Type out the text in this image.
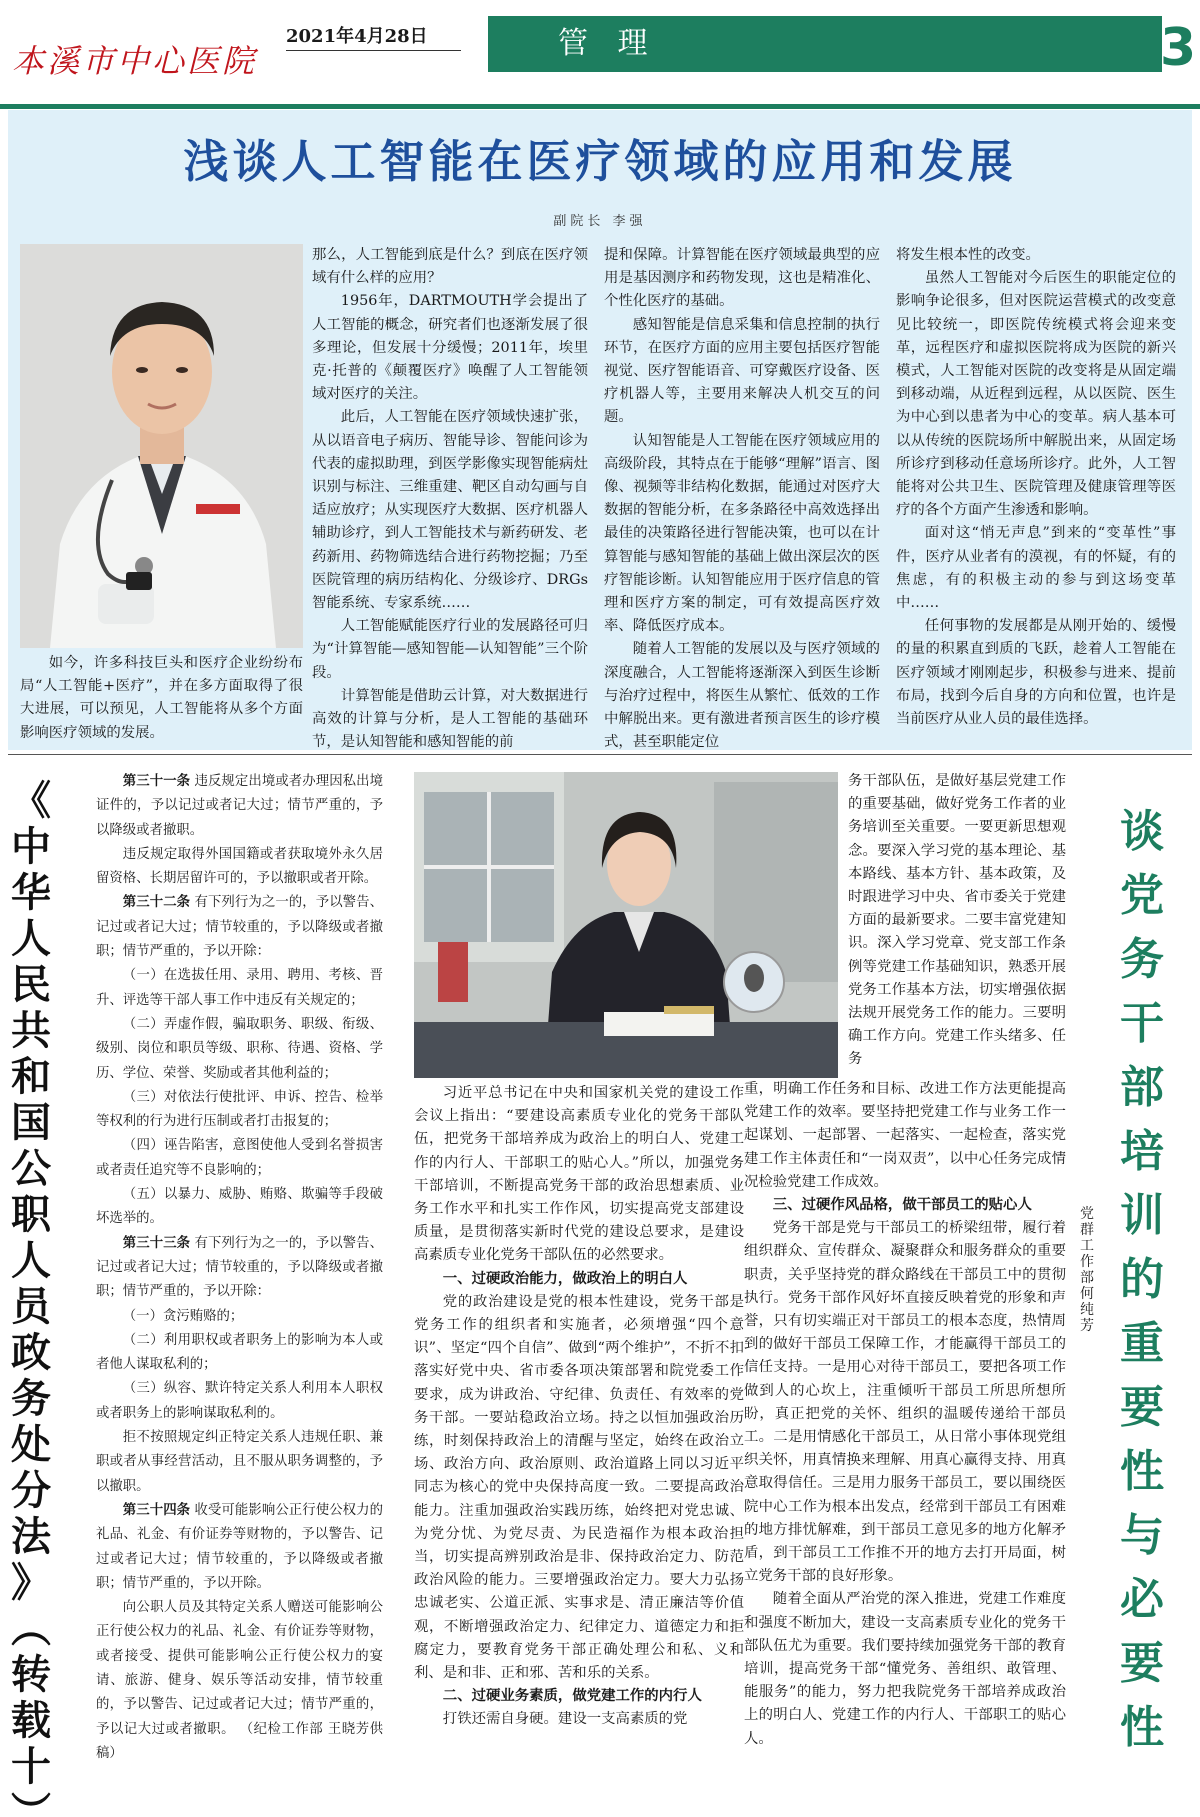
本溪市中心医院
2021年4月28日	管 理	3
浅谈人工智能在医疗领域的应用和发展
副院长 李强

如今，许多科技巨头和医疗企业纷纷布局“人工智能+医疗”，并在多方面取得了很大进展，可以预见，人工智能将从多个方面影响医疗领域的发展。

那么，人工智能到底是什么？到底在医疗领域有什么样的应用？

1956年，DARTMOUTH学会提出了人工智能的概念，研究者们也逐渐发展了很多理论，但发展十分缓慢；2011年，埃里克·托普的《颠覆医疗》唤醒了人工智能领域对医疗的关注。

此后，人工智能在医疗领域快速扩张，从以语音电子病历、智能导诊、智能问诊为代表的虚拟助理，到医学影像实现智能病灶识别与标注、三维重建、靶区自动勾画与自适应放疗；从实现医疗大数据、医疗机器人辅助诊疗，到人工智能技术与新药研发、老药新用、药物筛选结合进行药物挖掘；乃至医院管理的病历结构化、分级诊疗、DRGs智能系统、专家系统……

人工智能赋能医疗行业的发展路径可归为“计算智能—感知智能—认知智能”三个阶段。

计算智能是借助云计算，对大数据进行高效的计算与分析，是人工智能的基础环节，是认知智能和感知智能的前

提和保障。计算智能在医疗领域最典型的应用是基因测序和药物发现，这也是精准化、个性化医疗的基础。

感知智能是信息采集和信息控制的执行环节，在医疗方面的应用主要包括医疗智能视觉、医疗智能语音、可穿戴医疗设备、医疗机器人等，主要用来解决人机交互的问题。

认知智能是人工智能在医疗领域应用的高级阶段，其特点在于能够“理解”语言、图像、视频等非结构化数据，能通过对医疗大数据的智能分析，在多条路径中高效选择出最佳的决策路径进行智能决策，也可以在计算智能与感知智能的基础上做出深层次的医疗智能诊断。认知智能应用于医疗信息的管理和医疗方案的制定，可有效提高医疗效率、降低医疗成本。

随着人工智能的发展以及与医疗领域的深度融合，人工智能将逐渐深入到医生诊断与治疗过程中，将医生从繁忙、低效的工作中解脱出来。更有激进者预言医生的诊疗模式，甚至职能定位

将发生根本性的改变。

虽然人工智能对今后医生的职能定位的影响争论很多，但对医院运营模式的改变意见比较统一，即医院传统模式将会迎来变革，远程医疗和虚拟医院将成为医院的新兴模式，人工智能对医院的改变将是从固定端到移动端，从近程到远程，从以医院、医生为中心到以患者为中心的变革。病人基本可以从传统的医院场所中解脱出来，从固定场所诊疗到移动任意场所诊疗。此外，人工智能将对公共卫生、医院管理及健康管理等医疗的各个方面产生渗透和影响。

面对这“悄无声息”到来的“变革性”事件，医疗从业者有的漠视，有的怀疑，有的焦虑，有的积极主动的参与到这场变革中……

任何事物的发展都是从刚开始的、缓慢的量的积累直到质的飞跃，趁着人工智能在医疗领域才刚刚起步，积极参与进来、提前布局，找到今后自身的方向和位置，也许是当前医疗从业人员的最佳选择。

《
中
华
人
民
共
和
国
公
职
人
员
政
务
处
分
法
》
︵
转
载
十
︶

第三十一条 违反规定出境或者办理因私出境证件的，予以记过或者记大过；情节严重的，予以降级或者撤职。

违反规定取得外国国籍或者获取境外永久居留资格、长期居留许可的，予以撤职或者开除。

第三十二条 有下列行为之一的，予以警告、记过或者记大过；情节较重的，予以降级或者撤职；情节严重的，予以开除：

（一）在选拔任用、录用、聘用、考核、晋升、评选等干部人事工作中违反有关规定的；

（二）弄虚作假，骗取职务、职级、衔级、级别、岗位和职员等级、职称、待遇、资格、学历、学位、荣誉、奖励或者其他利益的；

（三）对依法行使批评、申诉、控告、检举等权利的行为进行压制或者打击报复的；

（四）诬告陷害，意图使他人受到名誉损害或者责任追究等不良影响的；

（五）以暴力、威胁、贿赂、欺骗等手段破坏选举的。

第三十三条 有下列行为之一的，予以警告、记过或者记大过；情节较重的，予以降级或者撤职；情节严重的，予以开除：

（一）贪污贿赂的；

（二）利用职权或者职务上的影响为本人或者他人谋取私利的；

（三）纵容、默许特定关系人利用本人职权或者职务上的影响谋取私利的。

拒不按照规定纠正特定关系人违规任职、兼职或者从事经营活动，且不服从职务调整的，予以撤职。

第三十四条 收受可能影响公正行使公权力的礼品、礼金、有价证券等财物的，予以警告、记过或者记大过；情节较重的，予以降级或者撤职；情节严重的，予以开除。

向公职人员及其特定关系人赠送可能影响公正行使公权力的礼品、礼金、有价证券等财物，或者接受、提供可能影响公正行使公权力的宴请、旅游、健身、娱乐等活动安排，情节较重的，予以警告、记过或者记大过；情节严重的，予以记大过或者撤职。 （纪检工作部 王晓芳供稿）

务干部队伍，是做好基层党建工作的重要基础，做好党务工作者的业务培训至关重要。一要更新思想观念。要深入学习党的基本理论、基本路线、基本方针、基本政策，及时跟进学习中央、省市委关于党建方面的最新要求。二要丰富党建知识。深入学习党章、党支部工作条例等党建工作基础知识，熟悉开展党务工作基本方法，切实增强依据法规开展党务工作的能力。三要明确工作方向。党建工作头绪多、任务

习近平总书记在中央和国家机关党的建设工作会议上指出：“要建设高素质专业化的党务干部队伍，把党务干部培养成为政治上的明白人、党建工作的内行人、干部职工的贴心人。”所以，加强党务干部培训，不断提高党务干部的政治思想素质、业务工作水平和扎实工作作风，切实提高党支部建设质量，是贯彻落实新时代党的建设总要求，是建设高素质专业化党务干部队伍的必然要求。

一、过硬政治能力，做政治上的明白人

党的政治建设是党的根本性建设，党务干部是党务工作的组织者和实施者，必须增强“四个意识”、坚定“四个自信”、做到“两个维护”，不折不扣落实好党中央、省市委各项决策部署和院党委工作要求，成为讲政治、守纪律、负责任、有效率的党务干部。一要站稳政治立场。持之以恒加强政治历练，时刻保持政治上的清醒与坚定，始终在政治立场、政治方向、政治原则、政治道路上同以习近平同志为核心的党中央保持高度一致。二要提高政治能力。注重加强政治实践历练，始终把对党忠诚、为党分忧、为党尽责、为民造福作为根本政治担当，切实提高辨别政治是非、保持政治定力、防范政治风险的能力。三要增强政治定力。要大力弘扬忠诚老实、公道正派、实事求是、清正廉洁等价值观，不断增强政治定力、纪律定力、道德定力和拒腐定力，要教育党务干部正确处理公和私、义和利、是和非、正和邪、苦和乐的关系。

二、过硬业务素质，做党建工作的内行人

打铁还需自身硬。建设一支高素质的党

重，明确工作任务和目标、改进工作方法更能提高党建工作的效率。要坚持把党建工作与业务工作一起谋划、一起部署、一起落实、一起检查，落实党建工作主体责任和“一岗双责”，以中心任务完成情况检验党建工作成效。

三、过硬作风品格，做干部员工的贴心人

党务干部是党与干部员工的桥梁纽带，履行着组织群众、宣传群众、凝聚群众和服务群众的重要职责，关乎坚持党的群众路线在干部员工中的贯彻执行。党务干部作风好坏直接反映着党的形象和声誉，只有切实端正对干部员工的根本态度，热情周到的做好干部员工保障工作，才能赢得干部员工的信任支持。一是用心对待干部员工，要把各项工作做到人的心坎上，注重倾听干部员工所思所想所盼，真正把党的关怀、组织的温暖传递给干部员工。二是用情感化干部员工，从日常小事体现党组织关怀，用真情换来理解、用真心赢得支持、用真意取得信任。三是用力服务干部员工，要以围绕医院中心工作为根本出发点，经常到干部员工有困难的地方排忧解难，到干部员工意见多的地方化解矛盾，到干部员工工作推不开的地方去打开局面，树立党务干部的良好形象。

随着全面从严治党的深入推进，党建工作难度和强度不断加大，建设一支高素质专业化的党务干部队伍尤为重要。我们要持续加强党务干部的教育培训，提高党务干部“懂党务、善组织、敢管理、能服务”的能力，努力把我院党务干部培养成政治上的明白人、党建工作的内行人、干部职工的贴心人。

党群工作部 何纯芳
谈
党
务
干
部
培
训
的
重
要
性
与
必
要
性
